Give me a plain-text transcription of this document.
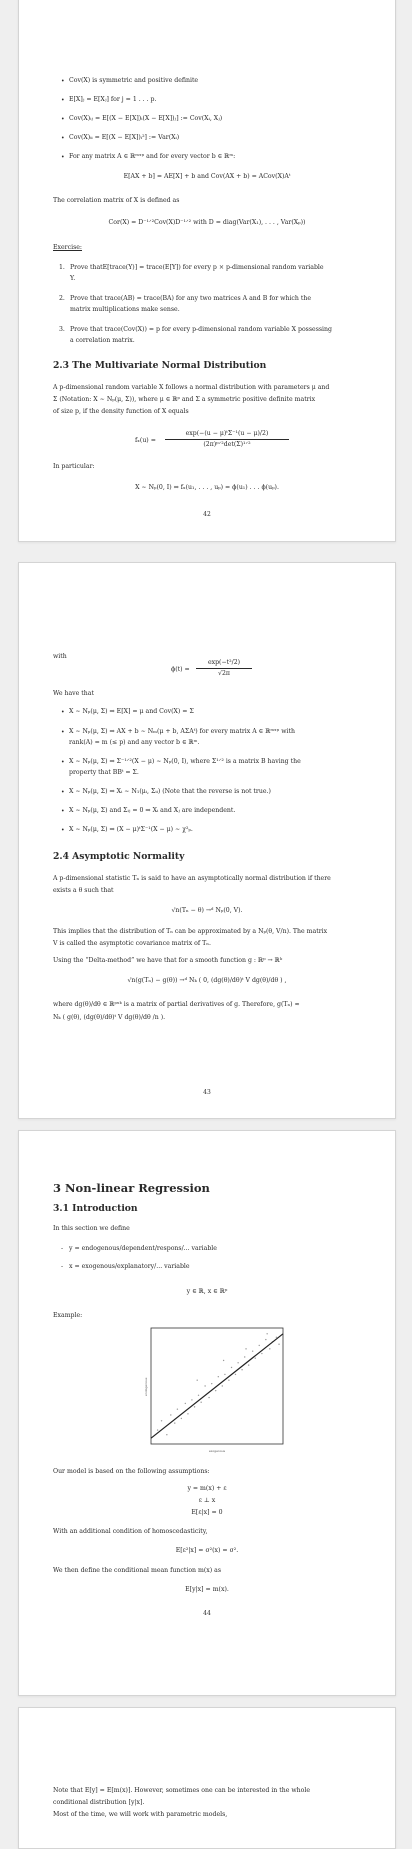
• Cov(X) is symmetric and positive definite
• E[X]ⱼ = E[Xⱼ] for j = 1 . . . p.
• Cov(X)ᵢⱼ = E[(X − E[X])ᵢ(X − E[X])ⱼ] := Cov(Xᵢ, Xⱼ)
• Cov(X)ᵢᵢ = E[(X − E[X])ᵢ²] := Var(Xᵢ)
• For any matrix A ∈ ℝᵐˣᵖ and for every vector b ∈ ℝᵐ:
E[AX + b] = AE[X] + b and Cov(AX + b) = ACov(X)Aᵗ
The correlation matrix of X is defined as
Cor(X) = D⁻¹ᐟ²Cov(X)D⁻¹ᐟ² with D = diag(Var(X₁), . . . , Var(Xₚ))
Exercise:
1. Prove thatE[trace(Y)] = trace(E[Y]) for every p × p-dimensional random variable
Y.
2. Prove that trace(AB) = trace(BA) for any two matrices A and B for which the
matrix multiplications make sense.
3. Prove that trace(Cov(X)) = p for every p-dimensional random variable X possessing
a correlation matrix.
2.3 The Multivariate Normal Distribution
A p-dimensional random variable X follows a normal distribution with parameters μ and
Σ (Notation: X ∼ Nₚ(μ, Σ)), where μ ∈ ℝᵖ and Σ a symmetric positive definite matrix
of size p, if the density function of X equals
fₓ(u) =
exp(−(u − μ)ᵗΣ⁻¹(u − μ)/2)
(2π)ᵖᐟ²det(Σ)¹ᐟ²
In particular:
X ∼ Nₚ(0, I) ⇔ fₓ(u₁, . . . , uₚ) = ϕ(u₁) . . . ϕ(uₚ).
42
with
ϕ(t) =
exp(−t²/2)
√2π
We have that
• X ∼ Nₚ(μ, Σ) ⇒ E[X] = μ and Cov(X) = Σ
• X ∼ Nₚ(μ, Σ) ⇒ AX + b ∼ Nₘ(μ + b, AΣAᵗ) for every matrix A ∈ ℝᵐˣᵖ with
rank(A) = m (≤ p) and any vector b ∈ ℝᵐ.
• X ∼ Nₚ(μ, Σ) ⇒ Σ⁻¹ᐟ²(X − μ) ∼ Nₚ(0, I), where Σ¹ᐟ² is a matrix B having the
property that BBᵗ = Σ.
• X ∼ Nₚ(μ, Σ) ⇒ Xᵢ ∼ N₁(μᵢ, Σᵢᵢ) (Note that the reverse is not true.)
• X ∼ Nₚ(μ, Σ) and Σᵢⱼ = 0 ⇒ Xᵢ and Xⱼ are independent.
• X ∼ Nₚ(μ, Σ) ⇒ (X − μ)ᵗΣ⁻¹(X − μ) ∼ χ²ₚ.
2.4 Asymptotic Normality
A p-dimensional statistic Tₙ is said to have an asymptotically normal distribution if there
exists a θ such that
√n(Tₙ − θ) →ᵈ Nₚ(0, V).
This implies that the distribution of Tₙ can be approximated by a Nₚ(θ, V/n). The matrix
V is called the asymptotic covariance matrix of Tₙ.
Using the “Delta-method” we have that for a smooth function g : ℝᵖ → ℝᵏ
√n(g(Tₙ) − g(θ)) →ᵈ Nₖ ( 0, (dg(θ)/dθ)ᵗ V dg(θ)/dθ ) ,
where dg(θ)/dθ ∈ ℝᵖˣᵏ is a matrix of partial derivatives of g. Therefore, g(Tₙ) ≈
Nₖ ( g(θ), (dg(θ)/dθ)ᵗ V dg(θ)/dθ /n ).
43
3 Non-linear Regression
3.1 Introduction
In this section we define
- y = endogenous/dependent/respons/... variable
- x = exogenous/explanatory/... variable
y ∈ ℝ, x ∈ ℝᵖ
Example:
endogenous
exogenous
Our model is based on the following assumptions:
y = m(x) + ε
ε ⊥ x
E[ε|x] = 0
With an additional condition of homoscedasticity,
E[ε²|x] = σ²(x) = σ².
We then define the conditional mean function m(x) as
E[y|x] = m(x).
44
Note that E[y] = E[m(x)]. However, sometimes one can be interested in the whole
conditional distribution [y|x].
Most of the time, we will work with parametric models,
